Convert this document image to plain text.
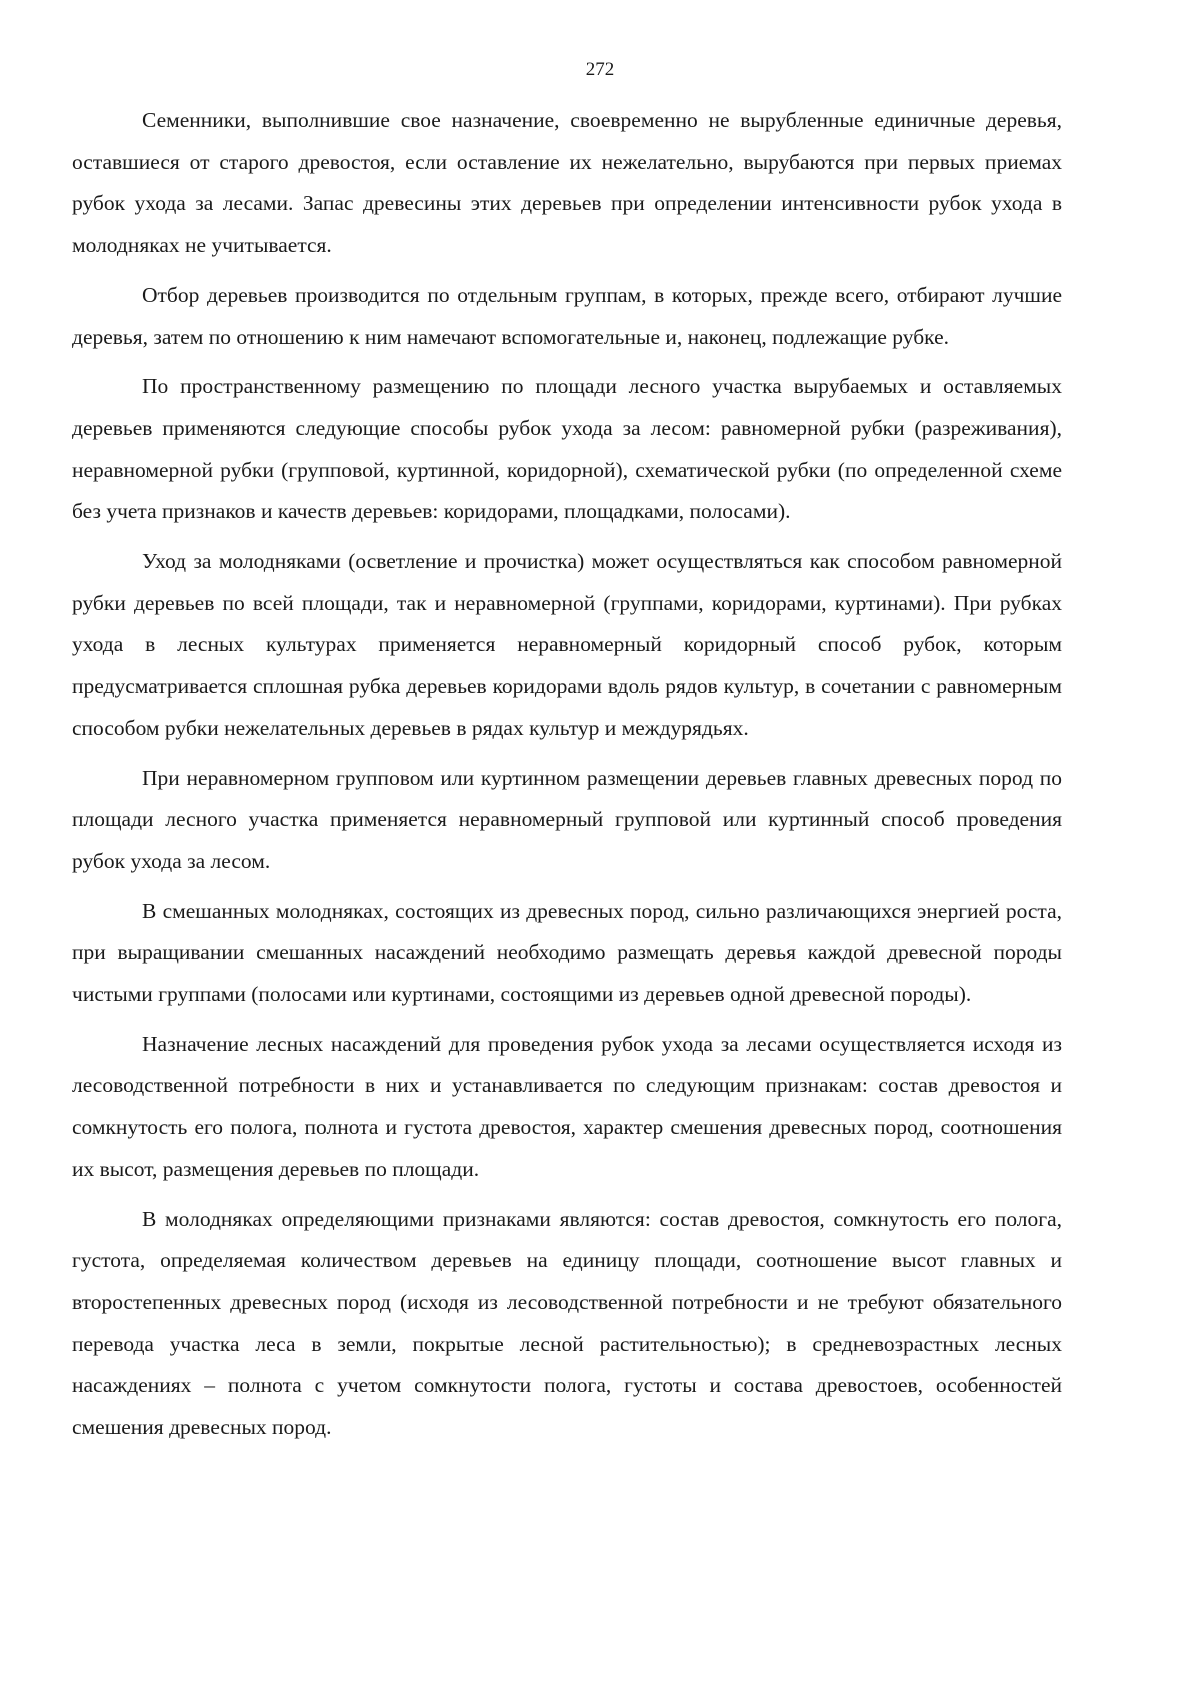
272

Семенники, выполнившие свое назначение, своевременно не вырубленные единичные деревья, оставшиеся от старого древостоя, если оставление их нежелательно, вырубаются при первых приемах рубок ухода за лесами. Запас древесины этих деревьев при определении интенсивности рубок ухода в молодняках не учитывается.

Отбор деревьев производится по отдельным группам, в которых, прежде всего, отбирают лучшие деревья, затем по отношению к ним намечают вспомогательные и, наконец, подлежащие рубке.

По пространственному размещению по площади лесного участка вырубаемых и оставляемых деревьев применяются следующие способы рубок ухода за лесом: равномерной рубки (разреживания), неравномерной рубки (групповой, куртинной, коридорной), схематической рубки (по определенной схеме без учета признаков и качеств деревьев: коридорами, площадками, полосами).

Уход за молодняками (осветление и прочистка) может осуществляться как способом равномерной рубки деревьев по всей площади, так и неравномерной (группами, коридорами, куртинами). При рубках ухода в лесных культурах применяется неравномерный коридорный способ рубок, которым предусматривается сплошная рубка деревьев коридорами вдоль рядов культур, в сочетании с равномерным способом рубки нежелательных деревьев в рядах культур и междурядьях.

При неравномерном групповом или куртинном размещении деревьев главных древесных пород по площади лесного участка применяется неравномерный групповой или куртинный способ проведения рубок ухода за лесом.

В смешанных молодняках, состоящих из древесных пород, сильно различающихся энергией роста, при выращивании смешанных насаждений необходимо размещать деревья каждой древесной породы чистыми группами (полосами или куртинами, состоящими из деревьев одной древесной породы).

Назначение лесных насаждений для проведения рубок ухода за лесами осуществляется исходя из лесоводственной потребности в них и устанавливается по следующим признакам: состав древостоя и сомкнутость его полога, полнота и густота древостоя, характер смешения древесных пород, соотношения их высот, размещения деревьев по площади.

В молодняках определяющими признаками являются: состав древостоя, сомкнутость его полога, густота, определяемая количеством деревьев на единицу площади, соотношение высот главных и второстепенных древесных пород (исходя из лесоводственной потребности и не требуют обязательного перевода участка леса в земли, покрытые лесной растительностью); в средневозрастных лесных насаждениях – полнота с учетом сомкнутости полога, густоты и состава древостоев, особенностей смешения древесных пород.
